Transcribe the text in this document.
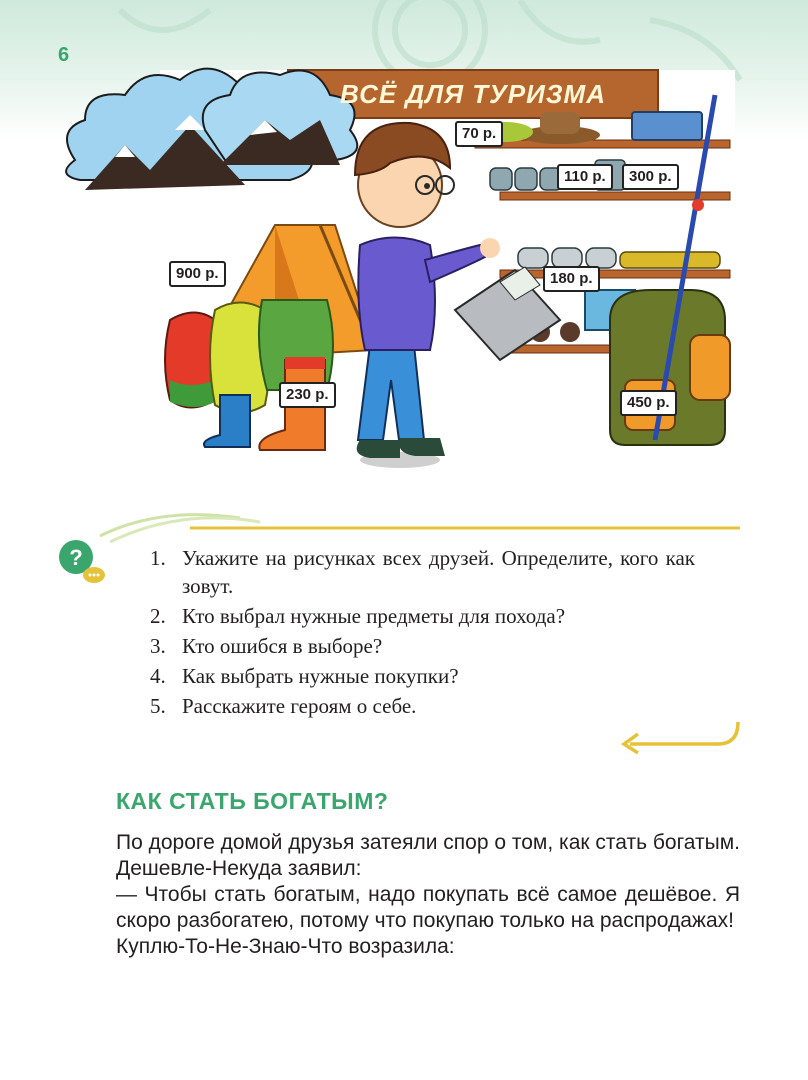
6
ВСЁ ДЛЯ ТУРИЗМА
70 р.
110 р.	300 р.
900 р.	180 р.
230 р.	450 р.
?	1. Укажите на рисунках всех друзей. Определите, кого как зовут.
2. Кто выбрал нужные предметы для похода?
3. Кто ошибся в выборе?
4. Как выбрать нужные покупки?
5. Расскажите героям о себе.
КАК СТАТЬ БОГАТЫМ?

По дороге домой друзья затеяли спор о том, как стать богатым.

Дешевле-Некуда заявил:

— Чтобы стать богатым, надо покупать всё самое дешёвое. Я скоро разбогатею, потому что покупаю только на распродажах!

Куплю-То-Не-Знаю-Что возразила:
